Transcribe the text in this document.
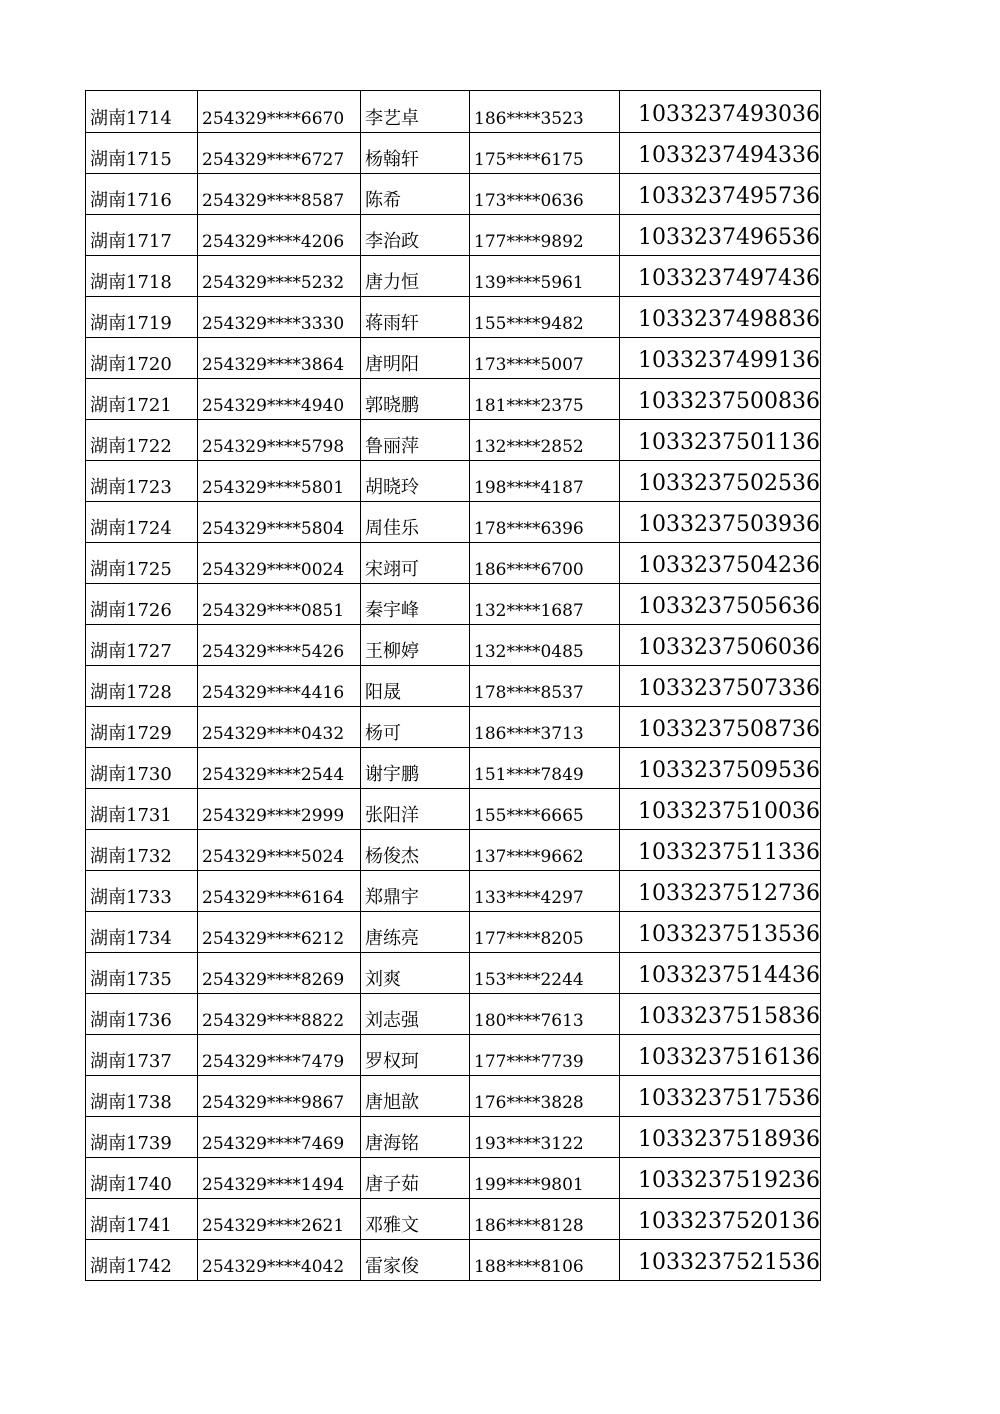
湖南1714	254329****6670	李艺卓	186****3523	1033237493036

湖南1715	254329****6727	杨翰轩	175****6175	1033237494336

湖南1716	254329****8587	陈希	173****0636	1033237495736

湖南1717	254329****4206	李治政	177****9892	1033237496536

湖南1718	254329****5232	唐力恒	139****5961	1033237497436

湖南1719	254329****3330	蒋雨轩	155****9482	1033237498836

湖南1720	254329****3864	唐明阳	173****5007	1033237499136

湖南1721	254329****4940	郭晓鹏	181****2375	1033237500836

湖南1722	254329****5798	鲁丽萍	132****2852	1033237501136

湖南1723	254329****5801	胡晓玲	198****4187	1033237502536

湖南1724	254329****5804	周佳乐	178****6396	1033237503936

湖南1725	254329****0024	宋翊可	186****6700	1033237504236

湖南1726	254329****0851	秦宇峰	132****1687	1033237505636

湖南1727	254329****5426	王柳婷	132****0485	1033237506036

湖南1728	254329****4416	阳晟	178****8537	1033237507336

湖南1729	254329****0432	杨可	186****3713	1033237508736

湖南1730	254329****2544	谢宇鹏	151****7849	1033237509536

湖南1731	254329****2999	张阳洋	155****6665	1033237510036

湖南1732	254329****5024	杨俊杰	137****9662	1033237511336

湖南1733	254329****6164	郑鼎宇	133****4297	1033237512736

湖南1734	254329****6212	唐练亮	177****8205	1033237513536

湖南1735	254329****8269	刘爽	153****2244	1033237514436

湖南1736	254329****8822	刘志强	180****7613	1033237515836

湖南1737	254329****7479	罗权珂	177****7739	1033237516136

湖南1738	254329****9867	唐旭歆	176****3828	1033237517536

湖南1739	254329****7469	唐海铭	193****3122	1033237518936

湖南1740	254329****1494	唐子茹	199****9801	1033237519236

湖南1741	254329****2621	邓雅文	186****8128	1033237520136

湖南1742	254329****4042	雷家俊	188****8106	1033237521536
